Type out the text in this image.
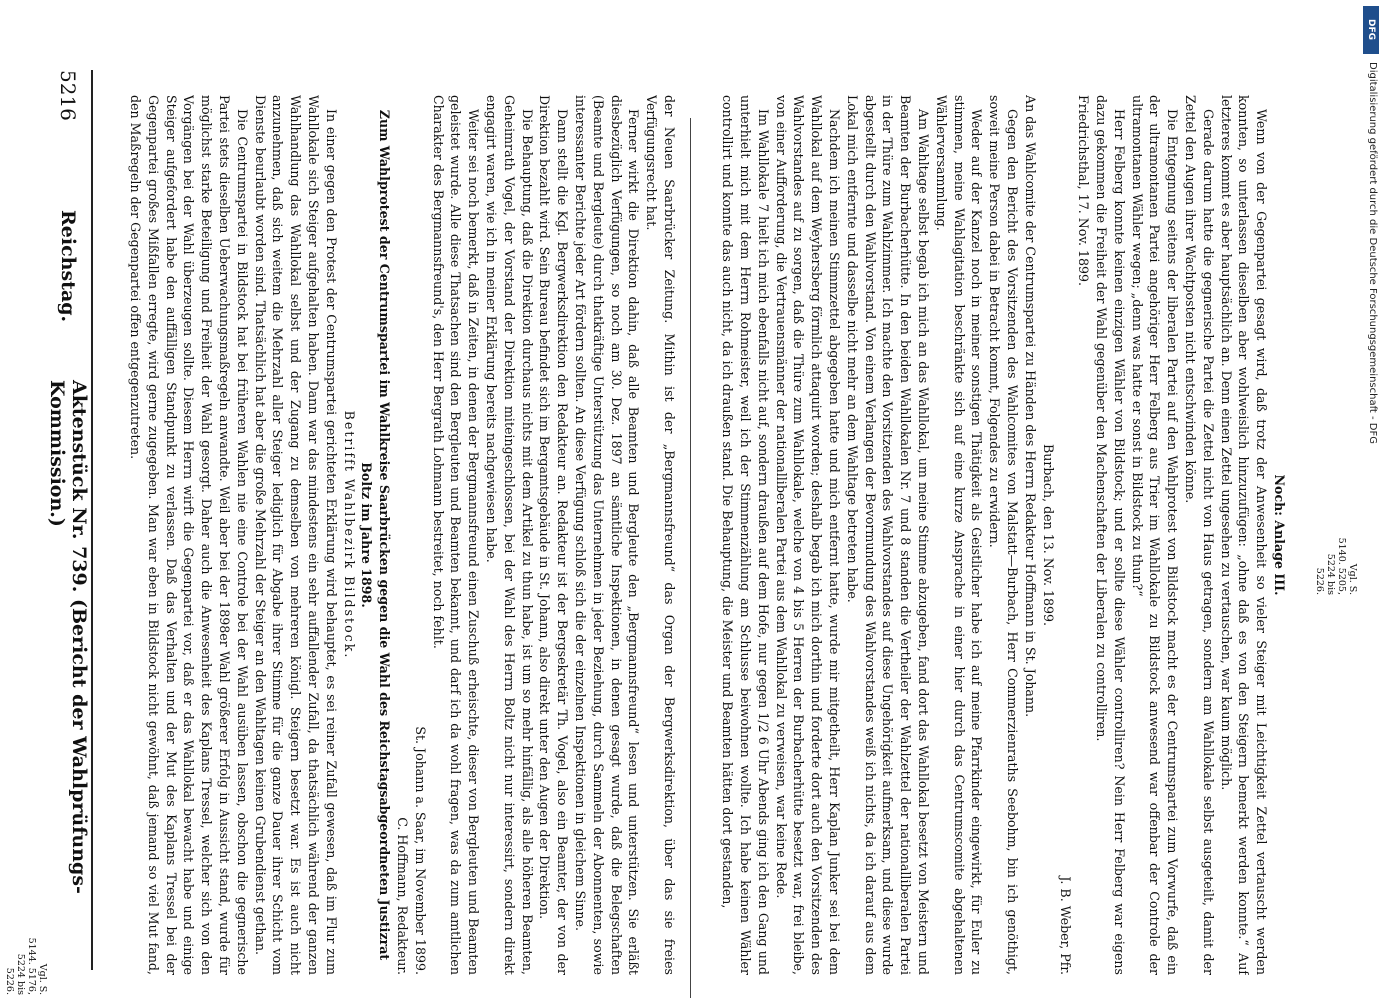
5216
Reichstag.
Aktenstück Nr. 739. (Bericht der Wahlprüfungs-Kommission.)	der Neuen Saarbrücker Zeitung. Mithin ist der „Bergmannsfreund“ das Organ der Bergwerksdirektion, über das sie freies Verfügungsrecht hat.

Ferner wirkt die Direktion dahin, daß alle Beamten und Bergleute den „Bergmannsfreund“ lesen und unterstützen. Sie erläßt diesbezüglich Verfügungen, so noch am 30. Dez. 1897 an sämtliche Inspektionen, in denen gesagt wurde, daß die Belegschaften (Beamte und Bergleute) durch thatkräftige Unterstützung das Unternehmen in jeder Beziehung, durch Sammeln der Abonnenten, sowie interessanter Berichte jeder Art fördern sollten. An diese Verfügung schloß sich die der einzelnen Inspektionen in gleichem Sinne.

Dann stellt die Kgl. Bergwerksdirektion den Redakteur an. Redakteur ist der Bergsekretär Th. Vogel, also ein Beamter, der von der Direktion bezahlt wird. Sein Bureau befindet sich im Bergamtsgebäude in St. Johann, also direkt unter den Augen der Direktion.

Die Behauptung, daß die Direktion durchaus nichts mit dem Artikel zu thun habe, ist um so mehr hinfällig, als alle höheren Beamten, Geheimrath Vogel, der Vorstand der Direktion miteingeschlossen, bei der Wahl des Herrn Boltz nicht nur interessirt, sondern direkt engagirt waren, wie ich in meiner Erklärung bereits nachgewiesen habe.

Weiter sei noch bemerkt, daß in Zeiten, in denen der Bergmannsfreund einen Zuschuß erheischte, dieser von Bergleuten und Beamten geleistet wurde. Alle diese Thatsachen sind den Bergleuten und Beamten bekannt, und darf ich da wohl fragen, was da zum amtlichen Charakter des Bergmannsfreund's, den Herr Bergrath Lohmann bestreitet, noch fehlt.

St. Johann a. Saar, im November 1899.

C. Hoffmann, Redakteur.

Zum Wahlprotest der Centrumspartei im Wahlkreise Saarbrücken gegen die Wahl des Reichstagsabgeordneten Justizrat Boltz im Jahre 1898.

Betrifft Wahlbezirk Bildstock.

In einer gegen den Protest der Centrumspartei gerichteten Erklärung wird behauptet, es sei reiner Zufall gewesen, daß im Flur zum Wahllokale sich Steiger aufgehalten haben. Dann war das mindestens ein sehr auffallender Zufall, da thatsächlich während der ganzen Wahlhandlung das Wahllokal selbst und der Zugang zu demselben von mehreren königl. Steigern besetzt war. Es ist auch nicht anzunehmen, daß sich weitem die Mehrzahl aller Steiger lediglich für Abgabe ihrer Stimme für die ganze Dauer ihrer Schicht vom Dienste beurlaubt worden sind. Thatsächlich hat aber die große Mehrzahl der Steiger an den Wahltagen keinen Grubendienst gethan.

Die Centrumspartei in Bildstock hat bei früheren Wahlen nie eine Controle bei der Wahl ausüben lassen, obschon die gegnerische Partei stets dieselben Ueberwachungsmaßregeln anwandte. Weil aber bei der 1898er Wahl größerer Erfolg in Aussicht stand, wurde für möglichst starke Beteiligung und Freiheit der Wahl gesorgt. Daher auch die Anwesenheit des Kaplans Tressel, welcher sich von den Vorgängen bei der Wahl überzeugen sollte. Diesem Herrn wirft die Gegenpartei vor, daß er das Wahllokal bewacht habe und einige Steiger aufgefordert habe den auffälligen Standpunkt zu verlassen. Daß das Verhalten und der Mut des Kaplans Tressel bei der Gegenpartei großes Mißfallen erregte, wird gerne zugegeben. Man war eben in Bildstock nicht gewöhnt, daß jemand so viel Mut fand, den Maßregeln der Gegenpartei offen entgegenzutreten.

Noch: Anlage III.

Wenn von der Gegenpartei gesagt wird, daß trotz der Anwesenheit so vieler Steiger mit Leichtigkeit Zettel vertauscht werden konnten, so unterlassen dieselben aber wohlweislich hinzuzufügen: „ohne daß es von den Steigern bemerkt werden konnte.“ Auf letzteres kommt es aber hauptsächlich an. Denn einen Zettel ungesehen zu vertauschen, war kaum möglich.

Gerade darum hatte die gegnerische Partei die Zettel nicht von Haus getragen, sondern am Wahllokale selbst ausgeteilt, damit der Zettel den Augen ihrer Wachtposten nicht entschwinden könne.

Die Entgegnung seitens der liberalen Partei auf den Wahlprotest von Bildstock macht es der Centrumspartei zum Vorwurfe, daß ein der ultramontanen Partei angehöriger Herr Felberg aus Trier im Wahllokale zu Bildstock anwesend war offenbar der Controle der ultramontanen Wähler wegen; „denn was hatte er sonst in Bildstock zu thun?“

Herr Felberg konnte keinen einzigen Wähler von Bildstock; und er sollte diese Wähler controlliren? Nein Herr Felberg war eigens dazu gekommen die Freiheit der Wahl gegenüber den Machenschaften der Liberalen zu controlliren.

Friedrichsthal, 17. Nov. 1899.

J. B. Weber, Pfr.

Burbach, den 13. Nov. 1899.

An das Wahlcomite der Centrumspartei zu Händen des Herrn Redakteur Hoffmann in St. Johann.

Gegen den Bericht des Vorsitzenden des Wahlcomites von Malstatt—Burbach, Herr Commerzienraths Seebohm, bin ich genöthigt, soweit meine Person dabei in Betracht kommt, Folgendes zu erwidern.

Weder auf der Kanzel noch in meiner sonstigen Thätigkeit als Geistlicher habe ich auf meine Pfarrkinder eingewirkt, für Euler zu stimmen, meine Wahlagitation beschränkte sich auf eine kurze Ansprache in einer hier durch das Centrumscomite abgehaltenen Wählerversammlung.

Am Wahltage selbst begab ich mich an das Wahllokal, um meine Stimme abzugeben, fand dort das Wahllokal besetzt von Meistern und Beamten der Burbacherhütte. In den beiden Wahllokalen Nr. 7 und 8 standen die Vertheiler der Wahlzettel der nationalliberalen Partei in der Thüre zum Wahlzimmer. Ich machte den Vorsitzenden des Wahlvorstandes auf diese Ungehörigkeit aufmerksam, und diese wurde abgestellt durch den Wahlvorstand. Von einem Verlangen der Bevormundung des Wahlvorstandes weiß ich nichts, da ich darauf aus dem Lokal mich entfernte und dasselbe nicht mehr an dem Wahltage betreten habe.

Nachdem ich meinen Stimmzettel abgegeben hatte und mich entfernt hatte, wurde mir mitgetheilt, Herr Kaplan Junker sei bei dem Wahllokal auf dem Weyhersberg förmlich attaquirt worden; deshalb begab ich mich dorthin und forderte dort auch den Vorsitzenden des Wahlvorstandes auf zu sorgen, daß die Thüre zum Wahllokale, welche von 4 bis 5 Herren der Burbacherhütte besetzt war, frei bleibe, von einer Aufforderung, die Vertrauensmänner der nationalliberalen Partei aus dem Wahllokal zu verweisen, war keine Rede.

Im Wahllokale 7 hielt ich mich ebenfalls nicht auf, sondern draußen auf dem Hofe, nur gegen 1/2 6 Uhr Abends ging ich den Gang und unterhielt mich mit dem Herrn Rohmeister, weil ich der Stimmenzählung am Schlusse beiwohnen wollte. Ich habe keinen Wähler controllirt und konnte das auch nicht, da ich draußen stand. Die Behauptung, die Meister und Beamten hätten dort gestanden,

Vgl. S. 5144. 5176, 5224 bis 5226.
Vgl. S. 5140. 5205, 5224 bis 5226.
DFG
Digitalisierung gefördert durch die Deutsche Forschungsgemeinschaft - DFG
